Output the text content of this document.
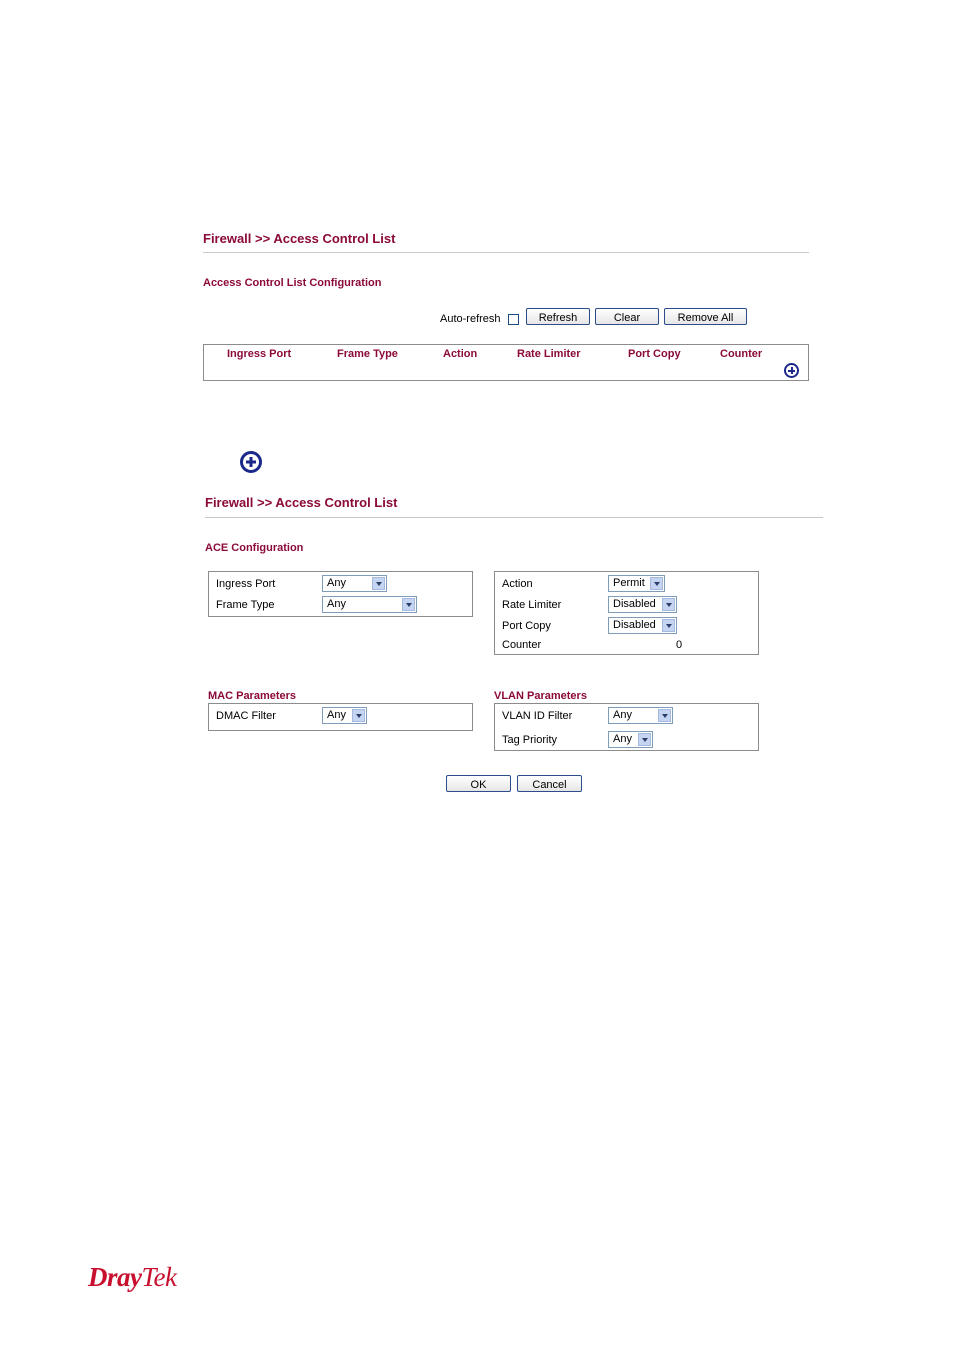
Firewall >> Access Control List
Access Control List Configuration
Auto-refresh	Refresh	Clear	Remove All
Ingress Port	Frame Type	Action	Rate Limiter	Port Copy	Counter
Firewall >> Access Control List
ACE Configuration
Ingress Port	Any
Frame Type	Any
Action	Permit
Rate Limiter	Disabled
Port Copy	Disabled
Counter	0
MAC Parameters
DMAC Filter	Any
VLAN Parameters
VLAN ID Filter	Any
Tag Priority	Any
OK	Cancel
DrayTek
